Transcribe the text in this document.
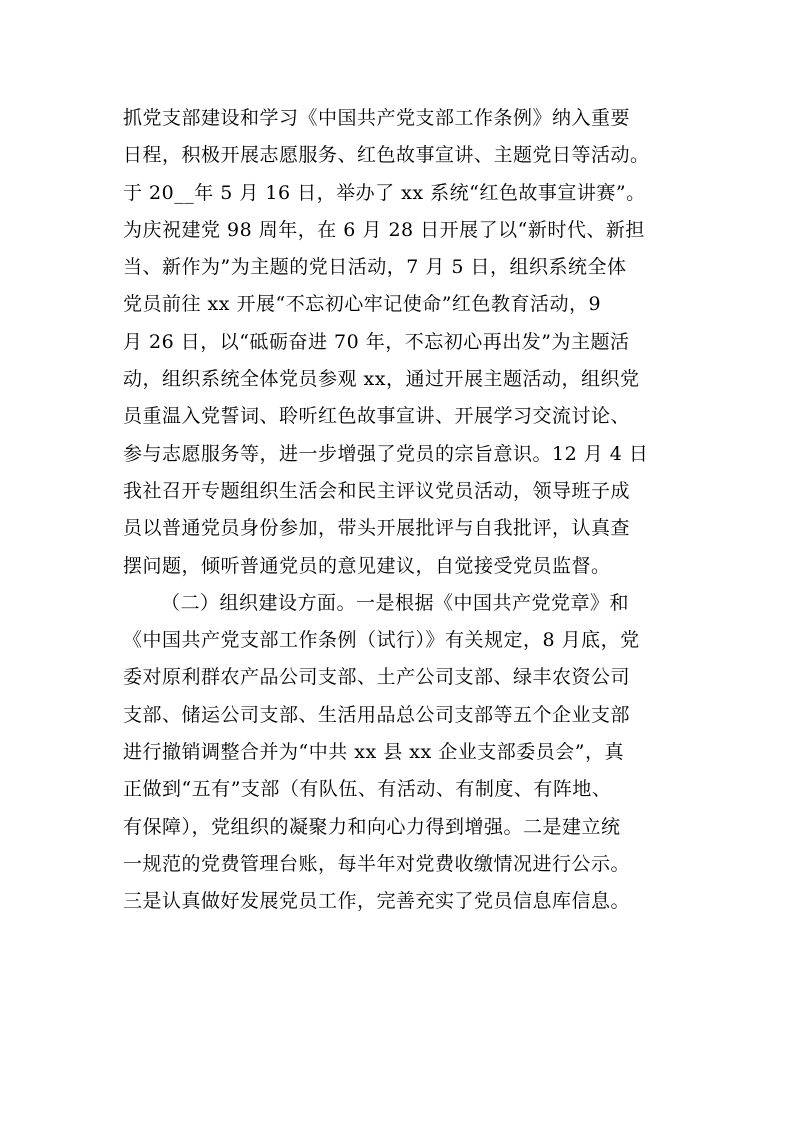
抓党支部建设和学习《中国共产党支部工作条例》纳入重要
日程，积极开展志愿服务、红色故事宣讲、主题党日等活动。
于 20__年 5 月 16 日，举办了 xx 系统“红色故事宣讲赛”。
为庆祝建党 98 周年，在 6 月 28 日开展了以“新时代、新担
当、新作为”为主题的党日活动，7 月 5 日，组织系统全体
党员前往 xx 开展“不忘初心牢记使命”红色教育活动，9
月 26 日，以“砥砺奋进 70 年，不忘初心再出发”为主题活
动，组织系统全体党员参观 xx，通过开展主题活动，组织党
员重温入党誓词、聆听红色故事宣讲、开展学习交流讨论、
参与志愿服务等，进一步增强了党员的宗旨意识。12 月 4 日
我社召开专题组织生活会和民主评议党员活动，领导班子成
员以普通党员身份参加，带头开展批评与自我批评，认真查
摆问题，倾听普通党员的意见建议，自觉接受党员监督。
（二）组织建设方面。一是根据《中国共产党党章》和
《中国共产党支部工作条例（试行）》有关规定，8 月底，党
委对原利群农产品公司支部、土产公司支部、绿丰农资公司
支部、储运公司支部、生活用品总公司支部等五个企业支部
进行撤销调整合并为“中共 xx 县 xx 企业支部委员会”，真
正做到“五有”支部（有队伍、有活动、有制度、有阵地、
有保障），党组织的凝聚力和向心力得到增强。二是建立统
一规范的党费管理台账，每半年对党费收缴情况进行公示。
三是认真做好发展党员工作，完善充实了党员信息库信息。
